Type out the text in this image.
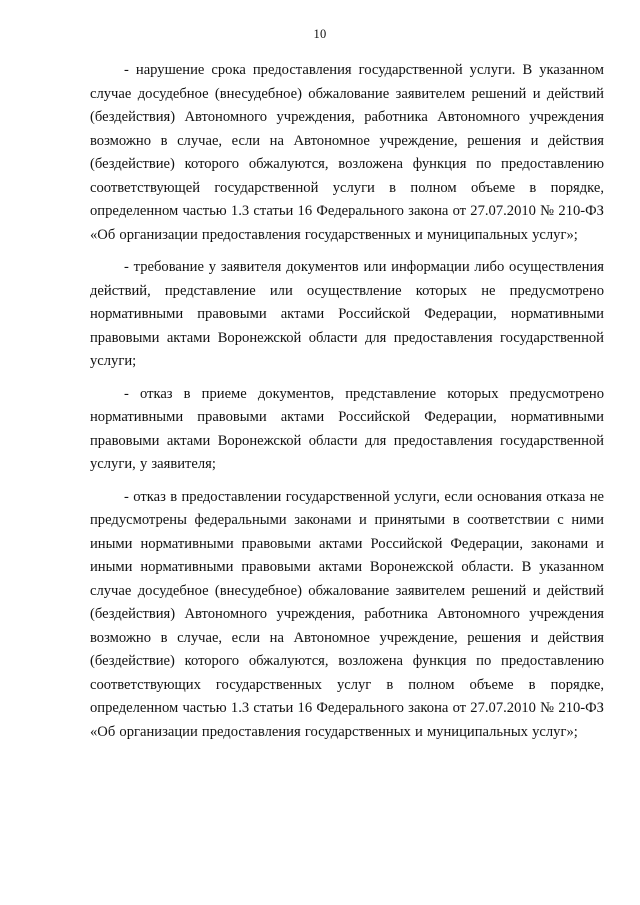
10

- нарушение срока предоставления государственной услуги. В указанном случае досудебное (внесудебное) обжалование заявителем решений и действий (бездействия) Автономного учреждения, работника Автономного учреждения возможно в случае, если на Автономное учреждение, решения и действия (бездействие) которого обжалуются, возложена функция по предоставлению соответствующей государственной услуги в полном объеме в порядке, определенном частью 1.3 статьи 16 Федерального закона от 27.07.2010 № 210-ФЗ «Об организации предоставления государственных и муниципальных услуг»;

- требование у заявителя документов или информации либо осуществления действий, представление или осуществление которых не предусмотрено нормативными правовыми актами Российской Федерации, нормативными правовыми актами Воронежской области для предоставления государственной услуги;

- отказ в приеме документов, представление которых предусмотрено нормативными правовыми актами Российской Федерации, нормативными правовыми актами Воронежской области для предоставления государственной услуги, у заявителя;

- отказ в предоставлении государственной услуги, если основания отказа не предусмотрены федеральными законами и принятыми в соответствии с ними иными нормативными правовыми актами Российской Федерации, законами и иными нормативными правовыми актами Воронежской области. В указанном случае досудебное (внесудебное) обжалование заявителем решений и действий (бездействия) Автономного учреждения, работника Автономного учреждения возможно в случае, если на Автономное учреждение, решения и действия (бездействие) которого обжалуются, возложена функция по предоставлению соответствующих государственных услуг в полном объеме в порядке, определенном частью 1.3 статьи 16 Федерального закона от 27.07.2010 № 210-ФЗ «Об организации предоставления государственных и муниципальных услуг»;
